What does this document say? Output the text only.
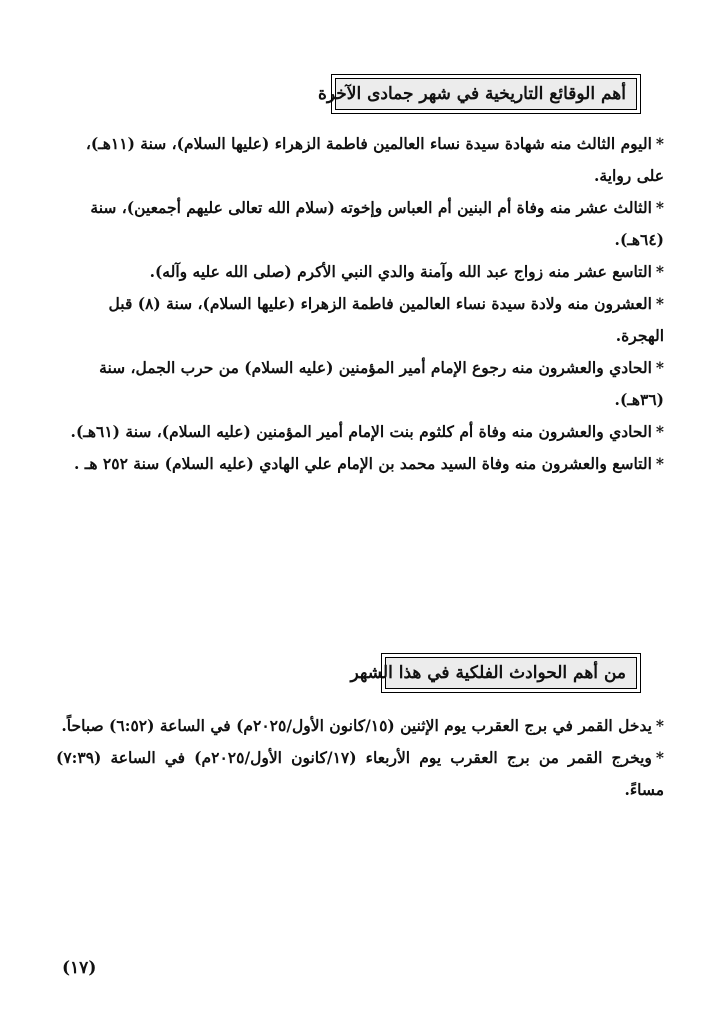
أهم الوقائع التاريخية في شهر جمادى الآخرة
*اليوم الثالث منه شهادة سيدة نساء العالمين فاطمة الزهراء (عليها السلام)، سنة (١١هـ)، على رواية.
*الثالث عشر منه وفاة أم البنين أم العباس وإخوته (سلام الله تعالى عليهم أجمعين)، سنة (٦٤هـ).
*التاسع عشر منه زواج عبد الله وآمنة والدي النبي الأكرم (صلى الله عليه وآله).
*العشرون منه ولادة سيدة نساء العالمين فاطمة الزهراء (عليها السلام)، سنة (٨) قبل الهجرة.
*الحادي والعشرون منه رجوع الإمام أمير المؤمنين (عليه السلام) من حرب الجمل، سنة (٣٦هـ).
*الحادي والعشرون منه وفاة أم كلثوم بنت الإمام أمير المؤمنين (عليه السلام)، سنة (٦١هـ).
*التاسع والعشرون منه وفاة السيد محمد بن الإمام علي الهادي (عليه السلام) سنة ٢٥٢ هـ .
من أهم الحوادث الفلكية في هذا الشهر
*يدخل القمر في برج العقرب يوم الإثنين (١٥/كانون الأول/٢٠٢٥م) في الساعة (٦:٥٢) صباحاً.
*ويخرج القمر من برج العقرب يوم الأربعاء (١٧/كانون الأول/٢٠٢٥م) في الساعة (٧:٣٩) مساءً.
(١٧)
